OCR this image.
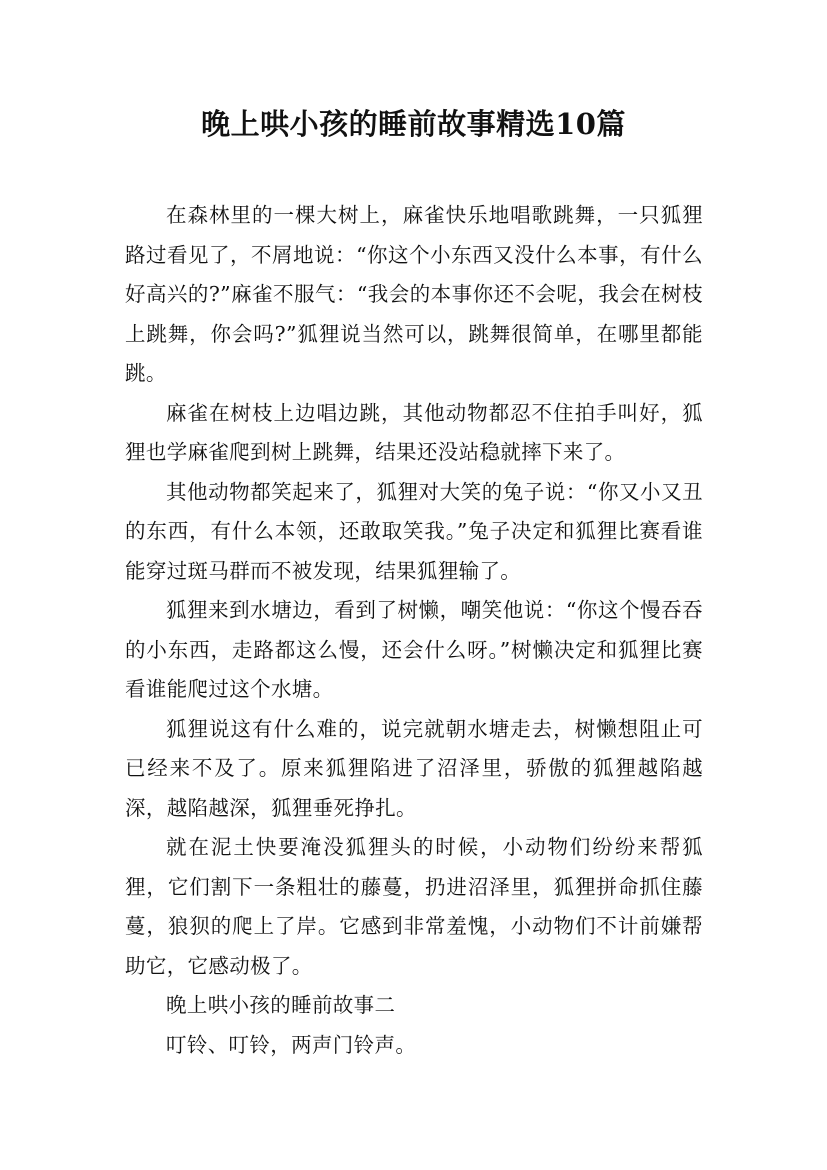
晚上哄小孩的睡前故事精选10篇

在森林里的一棵大树上，麻雀快乐地唱歌跳舞，一只狐狸路过看见了，不屑地说：“你这个小东西又没什么本事，有什么好高兴的?”麻雀不服气：“我会的本事你还不会呢，我会在树枝上跳舞，你会吗?”狐狸说当然可以，跳舞很简单，在哪里都能跳。

麻雀在树枝上边唱边跳，其他动物都忍不住拍手叫好，狐狸也学麻雀爬到树上跳舞，结果还没站稳就摔下来了。

其他动物都笑起来了，狐狸对大笑的兔子说：“你又小又丑的东西，有什么本领，还敢取笑我。”兔子决定和狐狸比赛看谁能穿过斑马群而不被发现，结果狐狸输了。

狐狸来到水塘边，看到了树懒，嘲笑他说：“你这个慢吞吞的小东西，走路都这么慢，还会什么呀。”树懒决定和狐狸比赛看谁能爬过这个水塘。

狐狸说这有什么难的，说完就朝水塘走去，树懒想阻止可已经来不及了。原来狐狸陷进了沼泽里，骄傲的狐狸越陷越深，越陷越深，狐狸垂死挣扎。

就在泥土快要淹没狐狸头的时候，小动物们纷纷来帮狐狸，它们割下一条粗壮的藤蔓，扔进沼泽里，狐狸拼命抓住藤蔓，狼狈的爬上了岸。它感到非常羞愧，小动物们不计前嫌帮助它，它感动极了。

晚上哄小孩的睡前故事二

叮铃、叮铃，两声门铃声。
